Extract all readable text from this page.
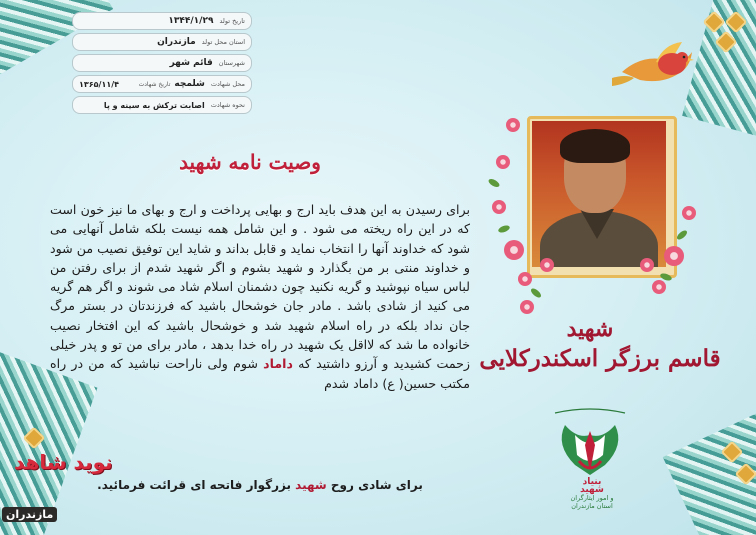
تاریخ تولد
۱۳۴۴/۱/۲۹
استان محل تولد
مازندران
شهرستان
قائم شهر
محل شهادت
شلمچه
تاریخ شهادت
۱۳۶۵/۱۱/۴
نحوه شهادت
اصابت ترکش به سینه و پا
وصیت نامه شهید
برای رسیدن به این هدف باید ارج و بهایی پرداخت و ارج و بهای ما نیز خون است که در این راه ریخته می شود . و این شامل همه نیست بلکه شامل آنهایی می شود که خداوند آنها را انتخاب نماید و قابل بداند و شاید این توفیق نصیب من شود و خداوند منتی بر من بگذارد و شهید بشوم و اگر شهید شدم از برای رفتن من لباس سیاه نپوشید و گریه نکنید چون دشمنان اسلام شاد می شوند و اگر هم گریه می کنید از شادی باشد . مادر جان خوشحال باشید که فرزندتان در بستر مرگ جان نداد بلکه در راه اسلام شهید شد و خوشحال باشید که این افتخار نصیب خانواده ما شد که لااقل یک شهید در راه خدا بدهد ، مادر برای من تو و پدر خیلی زحمت کشیدید و آرزو داشتید که داماد شوم ولی ناراحت نباشید که من در راه مکتب حسین( ع) داماد شدم
برای شادی روح شهید بزرگوار فاتحه ای قرائت فرمائید.
شهید
قاسم برزگر اسکندرکلایی
بنیاد
شهید
و امور ایثارگران
استان مازندران
نوید شاهد
مازندران
